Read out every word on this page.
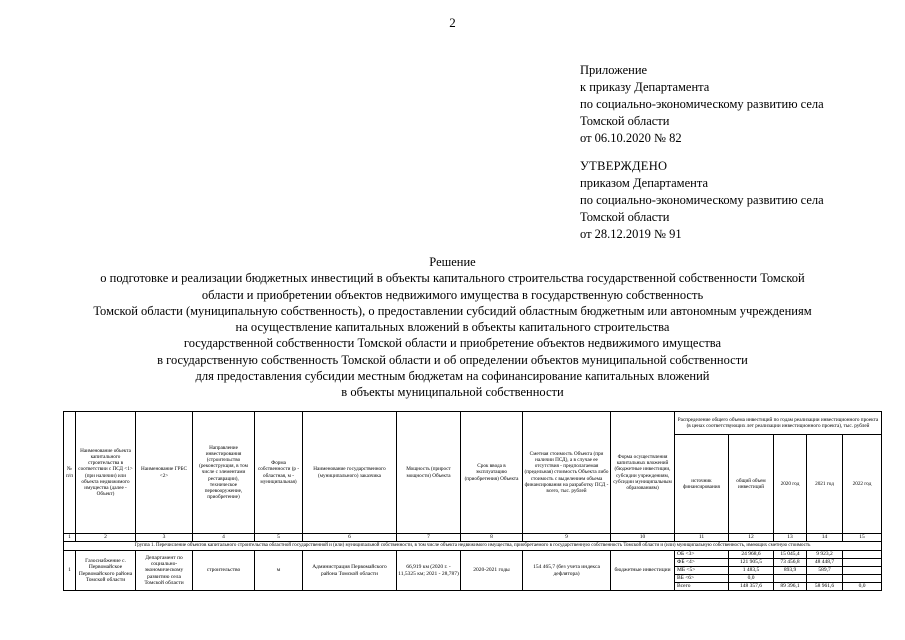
2
Приложение
к приказу Департамента
по социально-экономическому развитию села
Томской области
от 06.10.2020 № 82
УТВЕРЖДЕНО
приказом Департамента
по социально-экономическому развитию села
Томской области
от 28.12.2019 № 91
Решение
о подготовке и реализации бюджетных инвестиций в объекты капитального строительства государственной собственности Томской
области и приобретении объектов недвижимого имущества в государственную собственность
Томской области (муниципальную собственность), о предоставлении субсидий областным бюджетным или автономным учреждениям
на осуществление капитальных вложений в объекты капитального строительства
государственной собственности Томской области и приобретение объектов недвижимого имущества
в государственную собственность Томской области и об определении объектов муниципальной собственности
для предоставления субсидии местным бюджетам на софинансирование капитальных вложений
в объекты муниципальной собственности
№ п/п	Наименование объекта капитального строительства в соответствии с ПСД <1> (при наличии) или объекта недвижимого имущества (далее - Объект)	Наименование ГРБС <2>	Направление инвестирования (строительство (реконструкция, в том числе с элементами реставрации), техническое перевооружение, приобретение)	Форма собственности (р - областная, м - муниципальная)	Наименование государственного (муниципального) заказчика	Мощность (прирост мощности) Объекта	Срок ввода в эксплуатацию (приобретения) Объекта	Сметная стоимость Объекта (при наличии ПСД), а в случае ее отсутствия - предполагаемая (предельная) стоимость Объекта либо стоимость с выделением объема финансирования на разработку ПСД - всего, тыс. рублей	Форма осуществления капитальных вложений (бюджетные инвестиции, субсидии учреждениям, субсидии муниципальным образованиям)	Распределение общего объема инвестиций по годам реализации инвестиционного проекта (в ценах соответствующих лет реализации инвестиционного проекта), тыс. рублей				
										источник финансирования	общий объем инвестиций	2020 год	2021 год	2022 год
1	2	3	4	5	6	7	8	9	10	11	12	13	14	15
Группа 1. Перечисление объектов капитального строительства областной государственной и (или) муниципальной собственности, в том числе объекта недвижимого имущества, приобретаемого в государственную собственность Томской области и (или) муниципальную собственность, имеющих сметную стоимость														
1	Газоснабжение с. Первомайское Первомайского района Томской области	Департамент по социально-экономическому развитию села Томской области	строительство	м	Администрация Первомайского района Томской области	66,919 км (2020 г. - 11,5325 км; 2021 - 28,787)	2020-2021 годы	154 465,7 (без учета индекса дефлятора)	бюджетные инвестиции	ОБ <3>	24 968,6	15 045,4	9 923,2	
										ФБ <4>	121 905,5	73 456,8	48 448,7	
										МБ <5>	1 483,5	893,9	589,7	
										ВБ <6>	0,0			
										Всего	148 357,6	89 396,1	58 961,6	0,0
